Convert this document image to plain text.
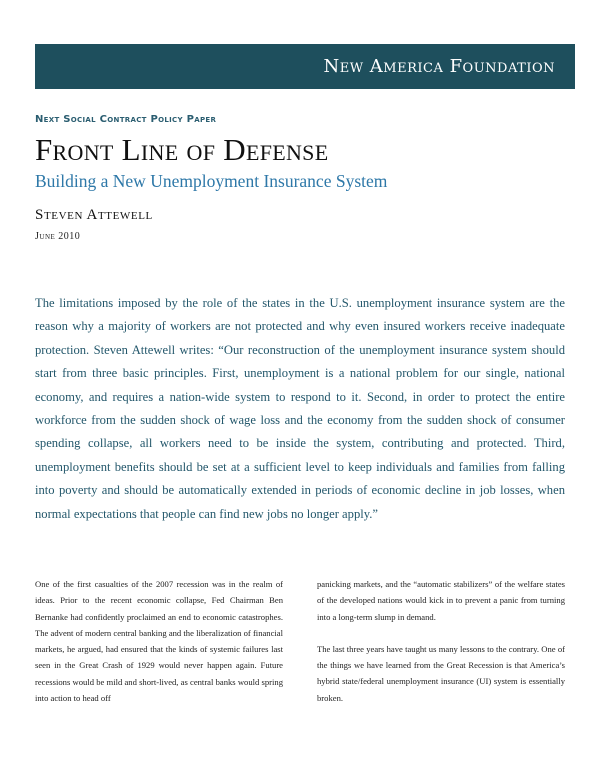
New America Foundation
Next Social Contract Policy Paper
Front Line of Defense
Building a New Unemployment Insurance System
Steven Attewell
June 2010
The limitations imposed by the role of the states in the U.S. unemployment insurance system are the reason why a majority of workers are not protected and why even insured workers receive inadequate protection. Steven Attewell writes: “Our reconstruction of the unemployment insurance system should start from three basic principles. First, unemployment is a national problem for our single, national economy, and requires a nation-wide system to respond to it. Second, in order to protect the entire workforce from the sudden shock of wage loss and the economy from the sudden shock of consumer spending collapse, all workers need to be inside the system, contributing and protected. Third, unemployment benefits should be set at a sufficient level to keep individuals and families from falling into poverty and should be automatically extended in periods of economic decline in job losses, when normal expectations that people can find new jobs no longer apply.”

One of the first casualties of the 2007 recession was in the realm of ideas. Prior to the recent economic collapse, Fed Chairman Ben Bernanke had confidently proclaimed an end to economic catastrophes. The advent of modern central banking and the liberalization of financial markets, he argued, had ensured that the kinds of systemic failures last seen in the Great Crash of 1929 would never happen again. Future recessions would be mild and short-lived, as central banks would spring into action to head off

panicking markets, and the “automatic stabilizers” of the welfare states of the developed nations would kick in to prevent a panic from turning into a long-term slump in demand.

The last three years have taught us many lessons to the contrary. One of the things we have learned from the Great Recession is that America’s hybrid state/federal unemployment insurance (UI) system is essentially broken.
